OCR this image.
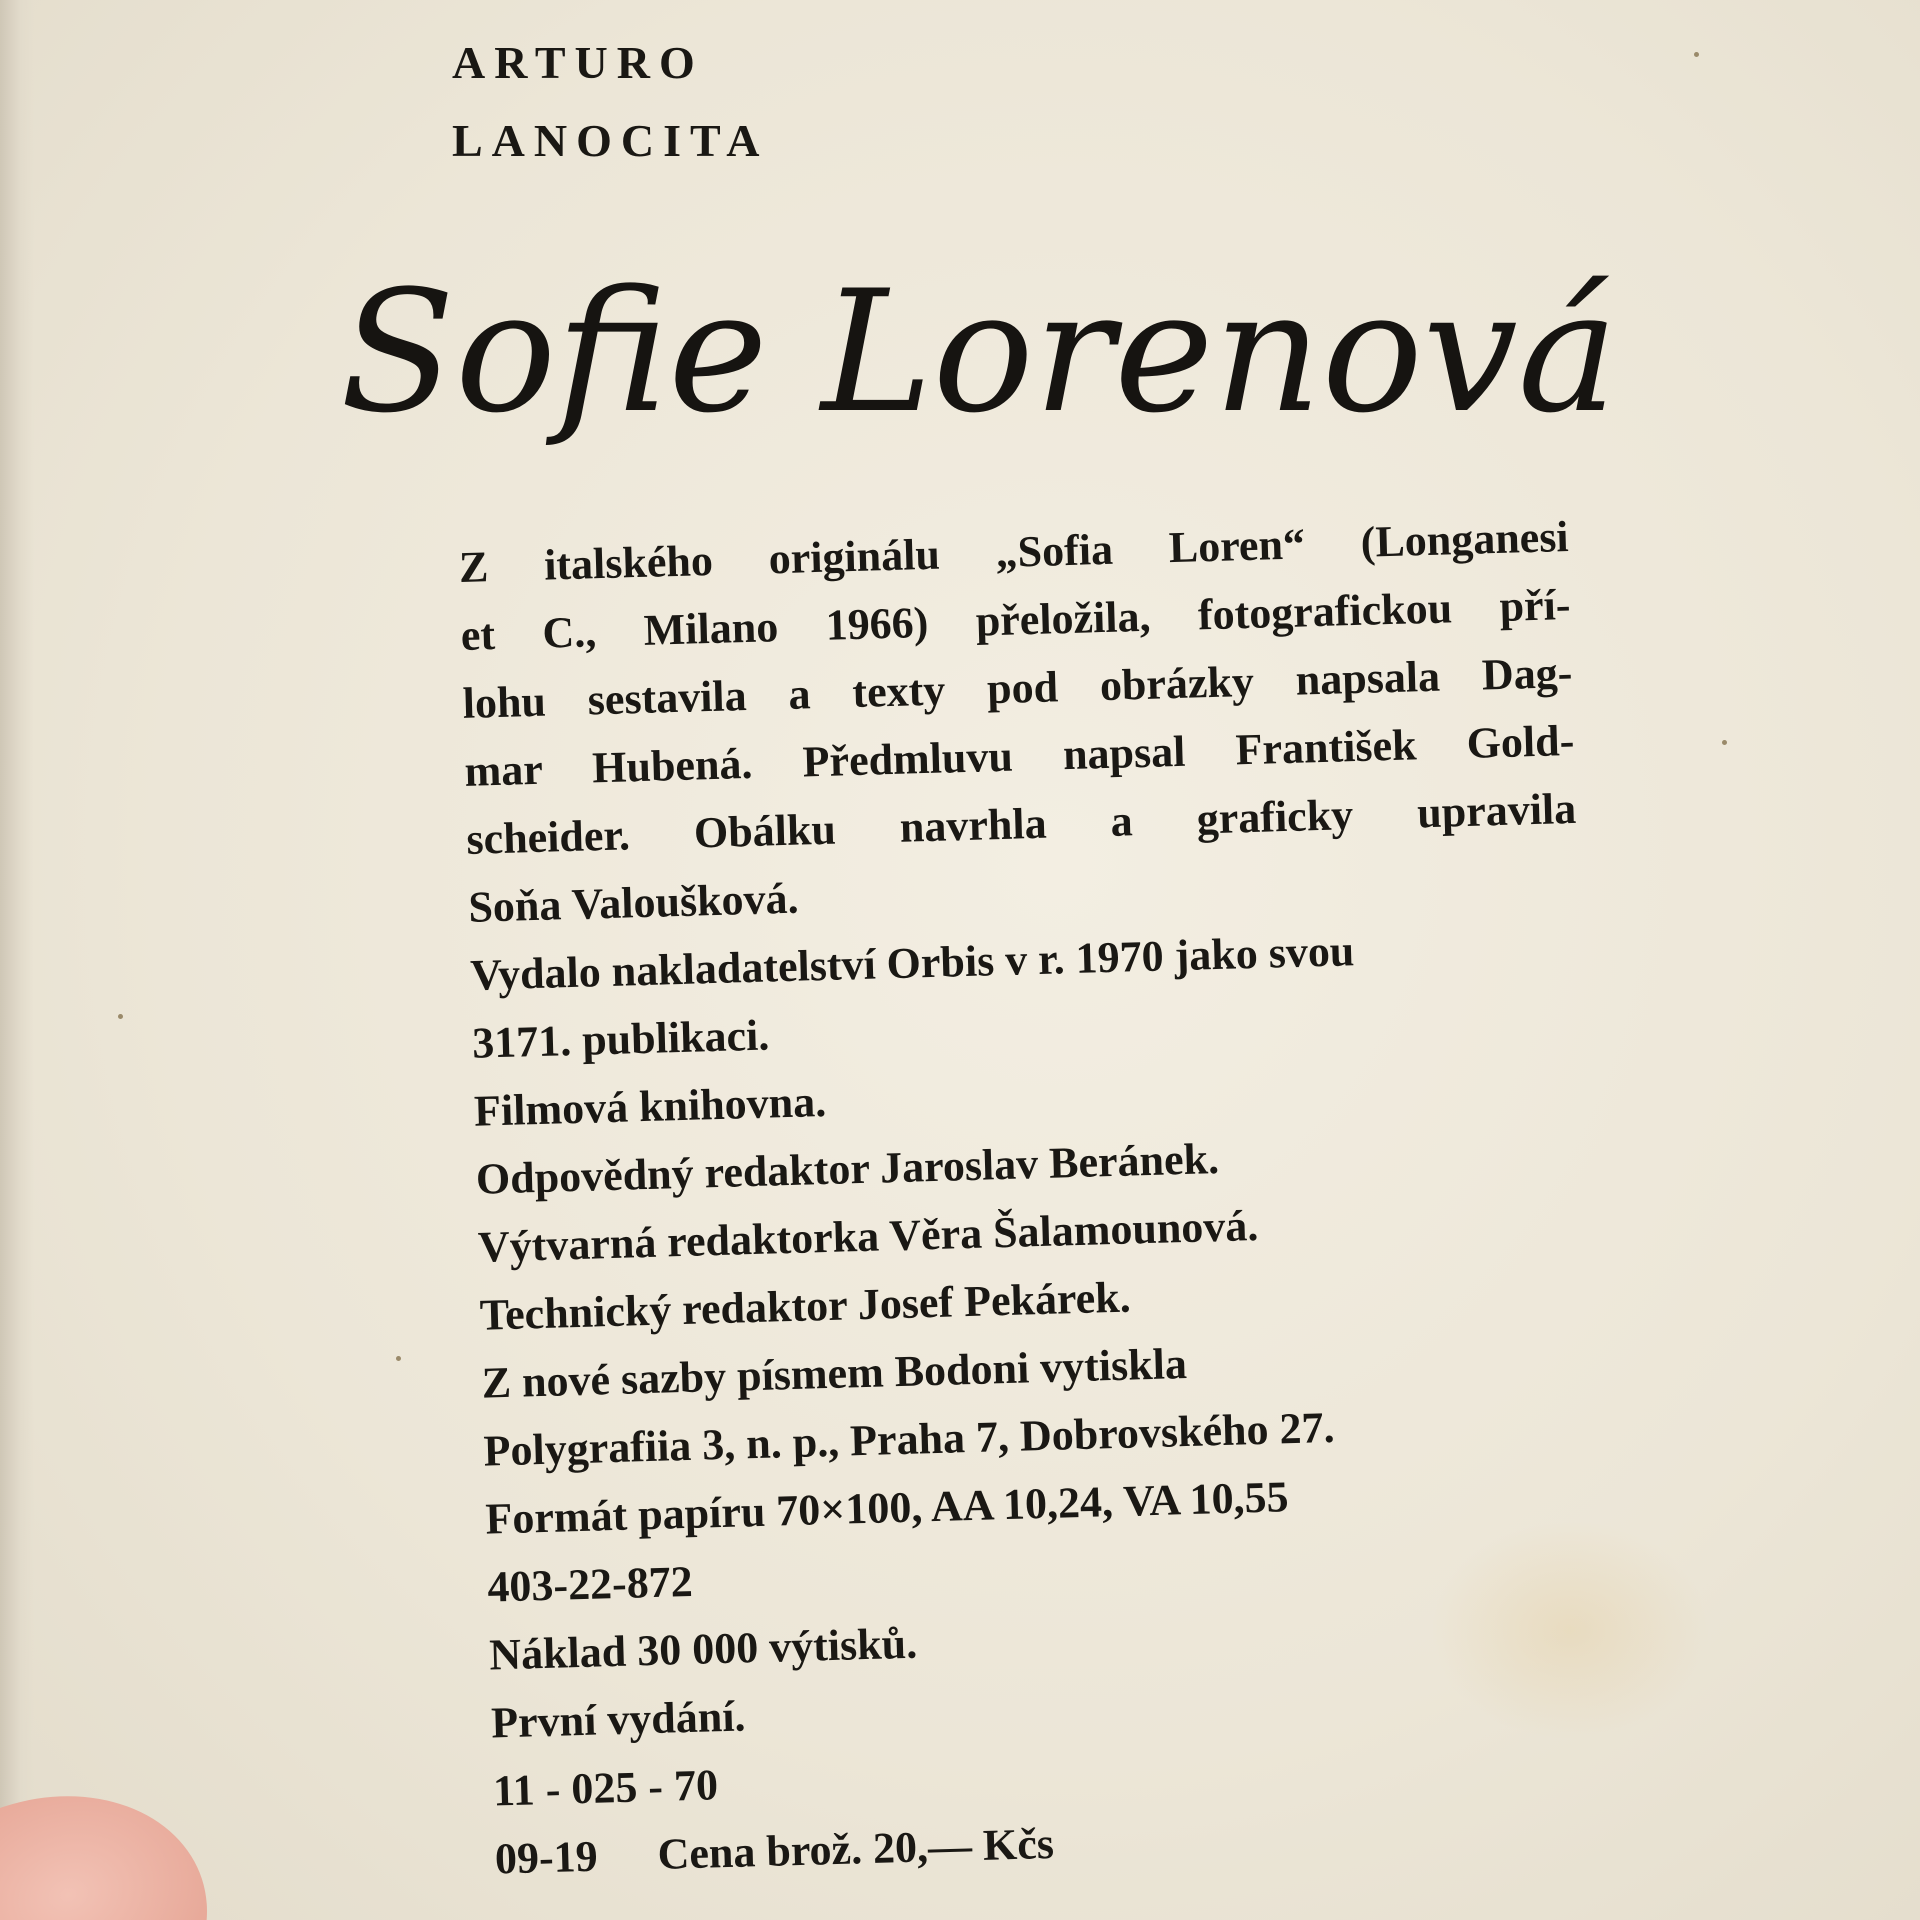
ARTURO
LANOCITA
Sofie Lorenová
Z italského originálu „Sofia Loren“ (Longanesi
et C., Milano 1966) přeložila, fotografickou pří-
lohu sestavila a texty pod obrázky napsala Dag-
mar Hubená. Předmluvu napsal František Gold-
scheider. Obálku navrhla a graficky upravila
Soňa Valoušková.
Vydalo nakladatelství Orbis v r. 1970 jako svou
3171. publikaci.
Filmová knihovna.
Odpovědný redaktor Jaroslav Beránek.
Výtvarná redaktorka Věra Šalamounová.
Technický redaktor Josef Pekárek.
Z nové sazby písmem Bodoni vytiskla
Polygrafiia 3, n. p., Praha 7, Dobrovského 27.
Formát papíru 70×100, AA 10,24, VA 10,55
403-22-872
Náklad 30 000 výtisků.
První vydání.
11 - 025 - 70
09-19 Cena brož. 20,— Kčs
